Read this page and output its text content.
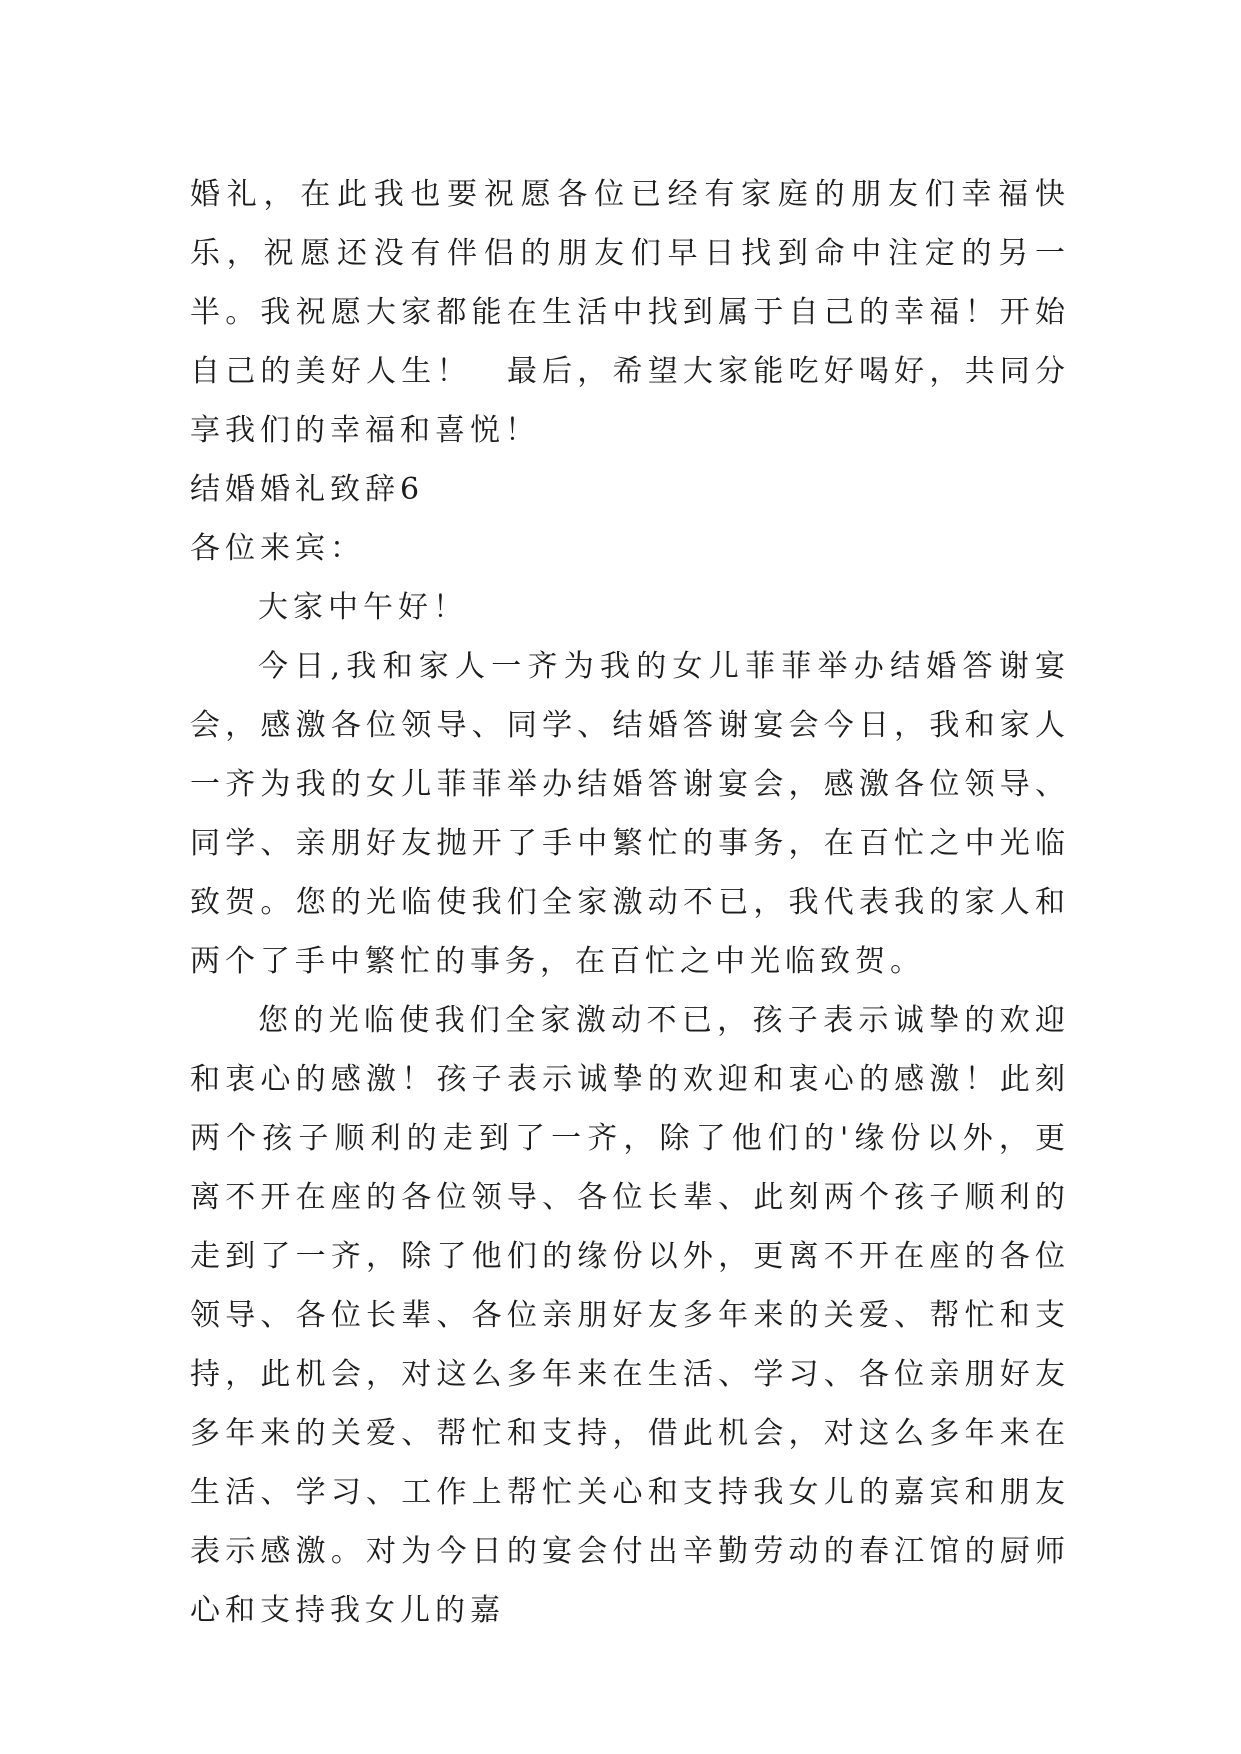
婚礼，在此我也要祝愿各位已经有家庭的朋友们幸福快乐，祝愿还没有伴侣的朋友们早日找到命中注定的另一半。我祝愿大家都能在生活中找到属于自己的幸福！开始自己的美好人生！　最后，希望大家能吃好喝好，共同分享我们的幸福和喜悦！

结婚婚礼致辞6

各位来宾：

大家中午好！

今日,我和家人一齐为我的女儿菲菲举办结婚答谢宴会，感激各位领导、同学、结婚答谢宴会今日，我和家人一齐为我的女儿菲菲举办结婚答谢宴会，感激各位领导、同学、亲朋好友抛开了手中繁忙的事务，在百忙之中光临致贺。您的光临使我们全家激动不已，我代表我的家人和两个了手中繁忙的事务，在百忙之中光临致贺。

您的光临使我们全家激动不已，孩子表示诚挚的欢迎和衷心的感激！孩子表示诚挚的欢迎和衷心的感激！此刻两个孩子顺利的走到了一齐，除了他们的'缘份以外，更离不开在座的各位领导、各位长辈、此刻两个孩子顺利的走到了一齐，除了他们的缘份以外，更离不开在座的各位领导、各位长辈、各位亲朋好友多年来的关爱、帮忙和支持，此机会，对这么多年来在生活、学习、各位亲朋好友多年来的关爱、帮忙和支持，借此机会，对这么多年来在生活、学习、工作上帮忙关心和支持我女儿的嘉宾和朋友表示感激。对为今日的宴会付出辛勤劳动的春江馆的厨师心和支持我女儿的嘉
